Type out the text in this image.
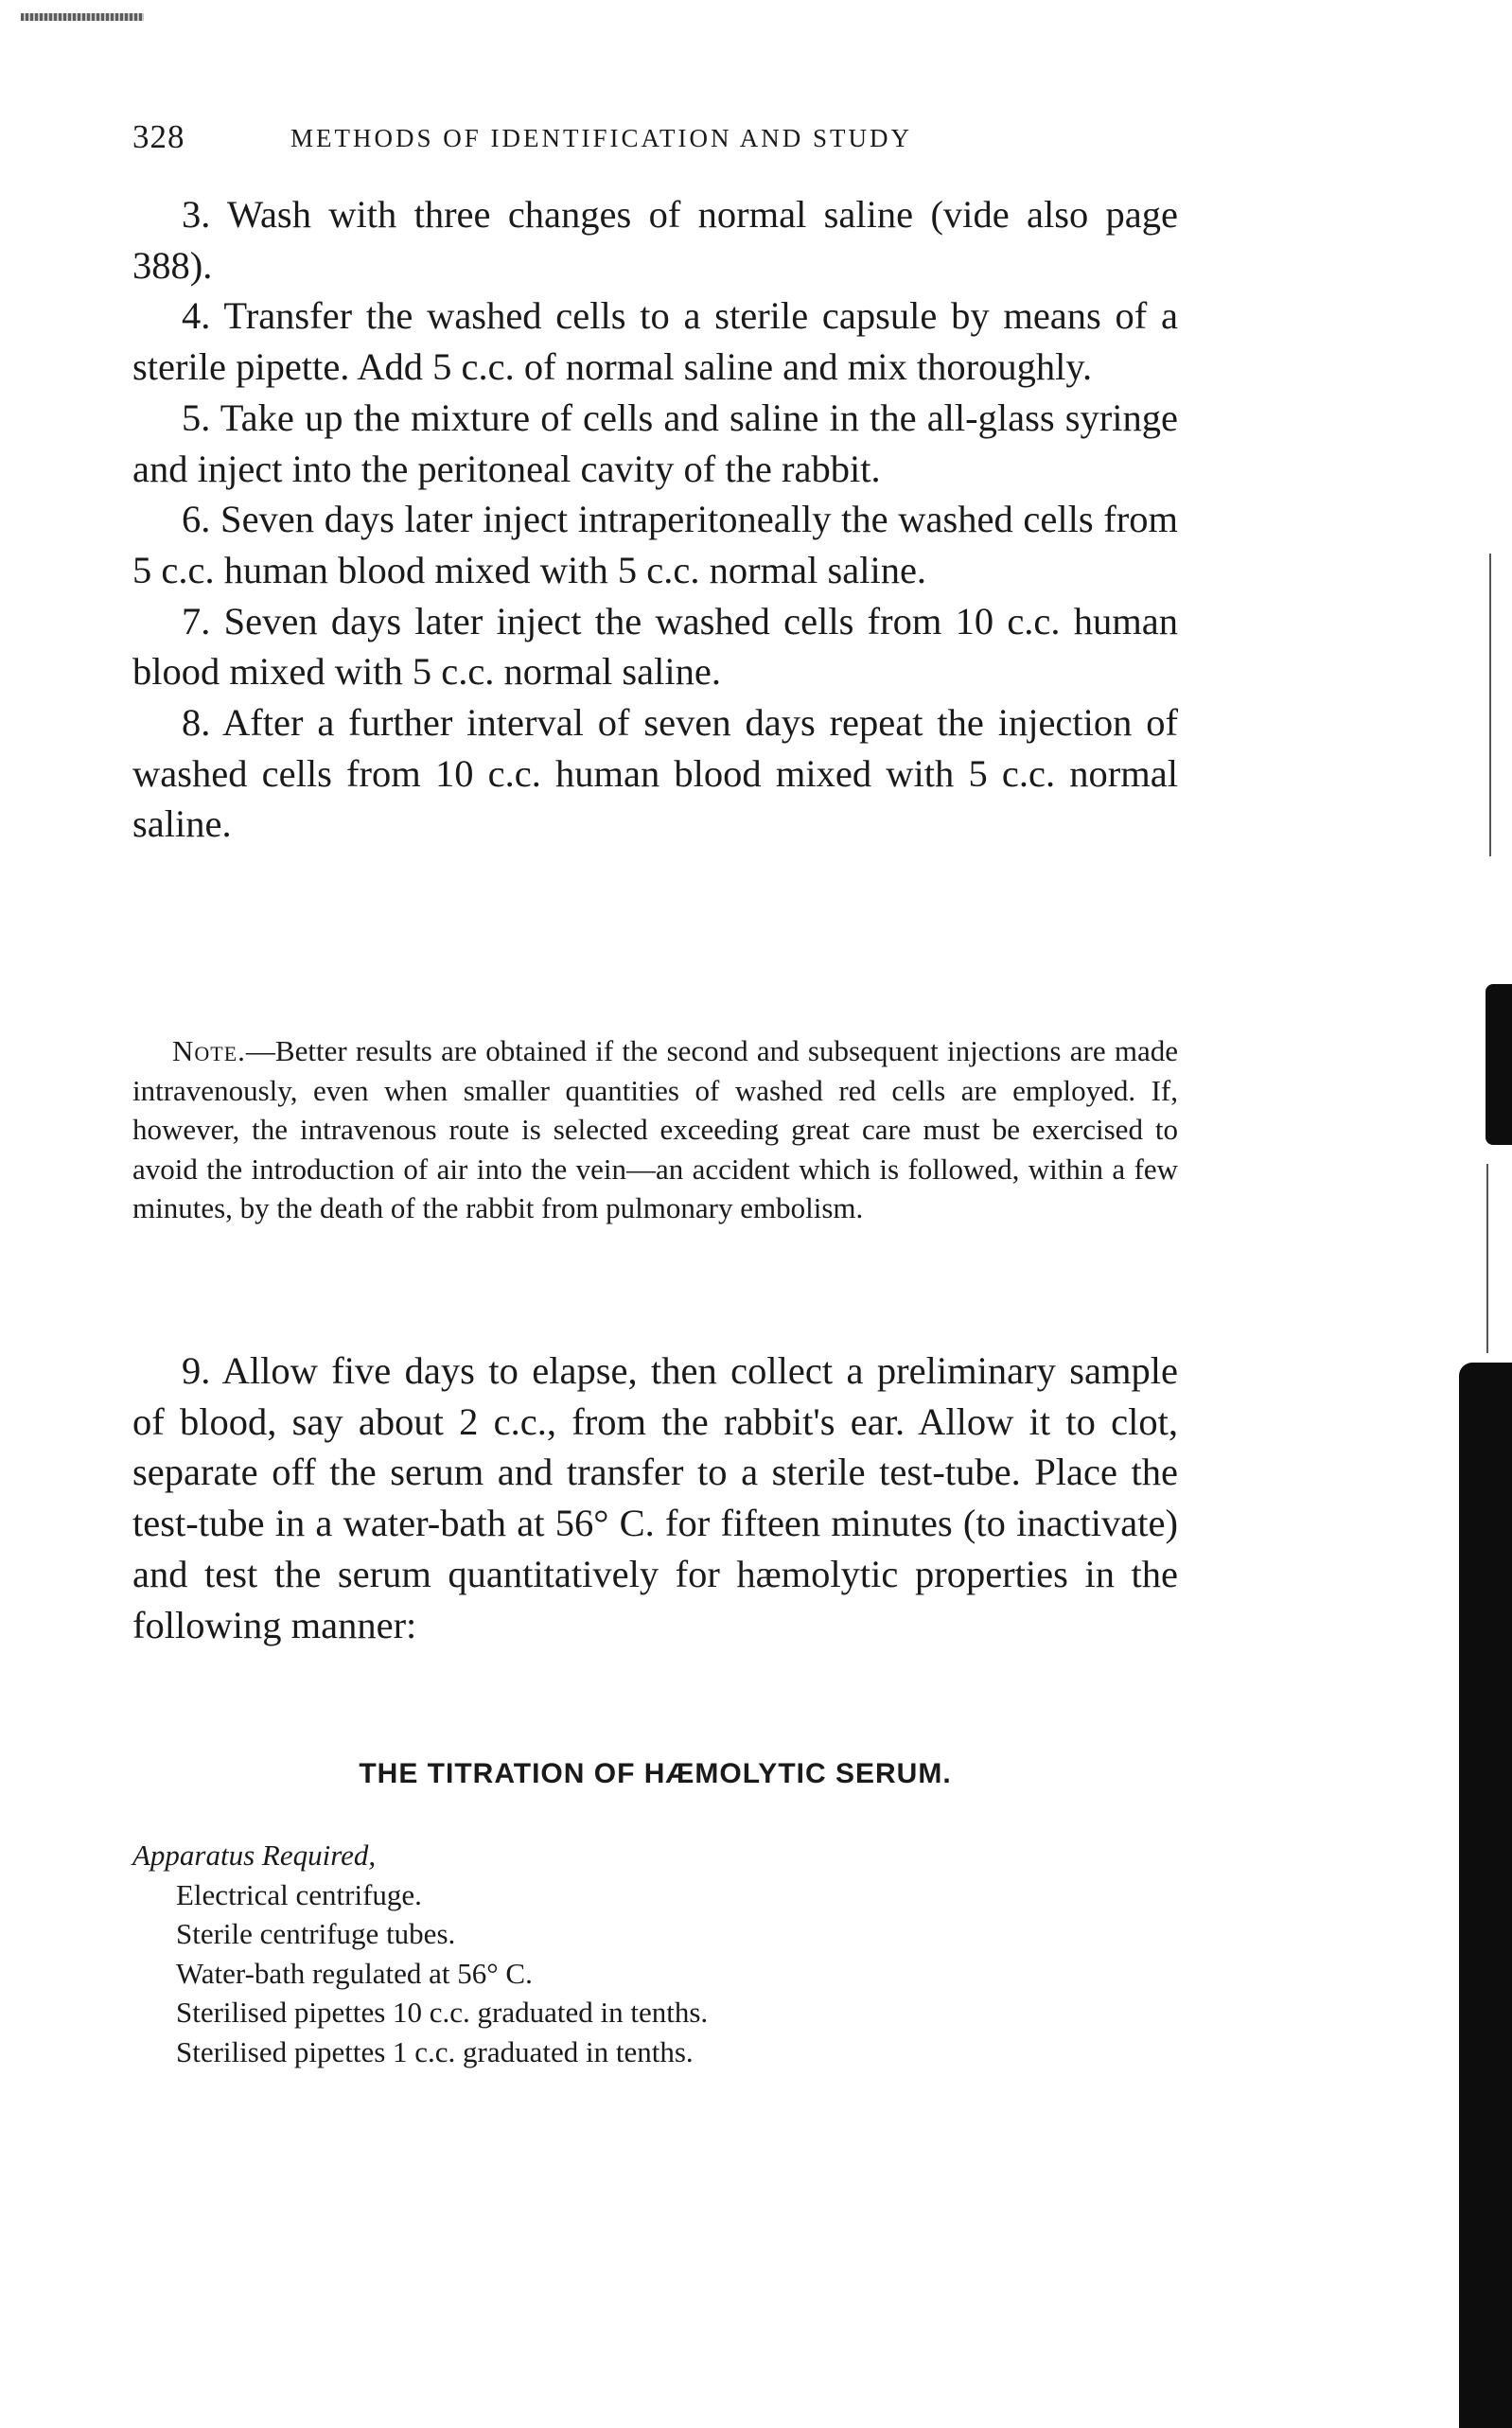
328	METHODS OF IDENTIFICATION AND STUDY

3. Wash with three changes of normal saline (vide also page 388).

4. Transfer the washed cells to a sterile capsule by means of a sterile pipette. Add 5 c.c. of normal saline and mix thoroughly.

5. Take up the mixture of cells and saline in the all-glass syringe and inject into the peritoneal cavity of the rabbit.

6. Seven days later inject intraperitoneally the washed cells from 5 c.c. human blood mixed with 5 c.c. normal saline.

7. Seven days later inject the washed cells from 10 c.c. human blood mixed with 5 c.c. normal saline.

8. After a further interval of seven days repeat the injection of washed cells from 10 c.c. human blood mixed with 5 c.c. normal saline.

Note.—Better results are obtained if the second and subsequent injections are made intravenously, even when smaller quantities of washed red cells are employed. If, however, the intravenous route is selected exceeding great care must be exercised to avoid the introduction of air into the vein—an accident which is followed, within a few minutes, by the death of the rabbit from pulmonary embolism.

9. Allow five days to elapse, then collect a preliminary sample of blood, say about 2 c.c., from the rabbit's ear. Allow it to clot, separate off the serum and transfer to a sterile test-tube. Place the test-tube in a water-bath at 56° C. for fifteen minutes (to inactivate) and test the serum quantitatively for hæmolytic properties in the following manner:

THE TITRATION OF HÆMOLYTIC SERUM.

Apparatus Required,

Electrical centrifuge.
Sterile centrifuge tubes.
Water-bath regulated at 56° C.
Sterilised pipettes 10 c.c. graduated in tenths.
Sterilised pipettes 1 c.c. graduated in tenths.
